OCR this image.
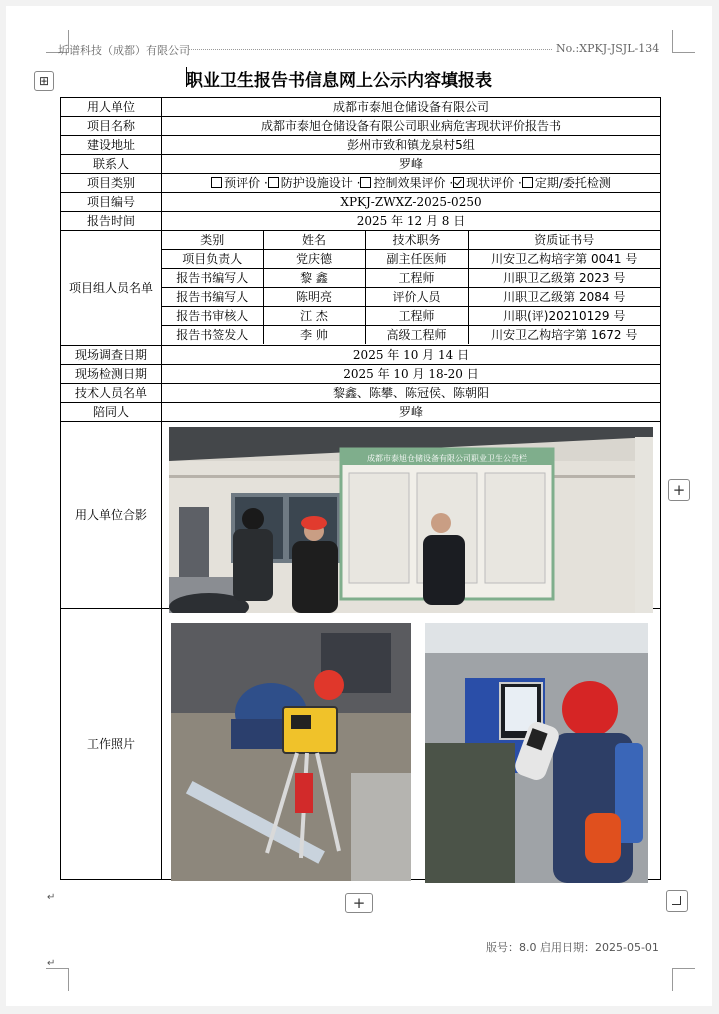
圻谱科技（成都）有限公司	No.:XPKJ-JSJL-134
⊞	职业卫生报告书信息网上公示内容填报表
用人单位	成都市泰旭仓储设备有限公司
项目名称	成都市泰旭仓储设备有限公司职业病危害现状评价报告书
建设地址	彭州市致和镇龙泉村5组
联系人	罗峰
项目类别	预评价 · 防护设施设计 · 控制效果评价 · 现状评价 · 定期/委托检测
项目编号	XPKJ-ZWXZ-2025-0250
报告时间	2025 年 12 月 8 日
项目组人员名单	
类别	姓名	技术职务	资质证书号
项目负责人	党庆德	副主任医师	川安卫乙构培字第 0041 号
报告书编写人	黎 鑫	工程师	川职卫乙级第 2023 号
报告书编写人	陈明亮	评价人员	川职卫乙级第 2084 号
报告书审核人	江 杰	工程师	川职(评)20210129 号
报告书签发人	李 帅	高级工程师	川安卫乙构培字第 1672 号

现场调查日期	2025 年 10 月 14 日
现场检测日期	2025 年 10 月 18-20 日
技术人员名单	黎鑫、陈攀、陈冠侯、陈朝阳
陪同人	罗峰
用人单位合影	
工作照片	
成都市泰旭仓储设备有限公司职业卫生公告栏
+
+
↵
↵
版号：8.0 启用日期：2025-05-01
